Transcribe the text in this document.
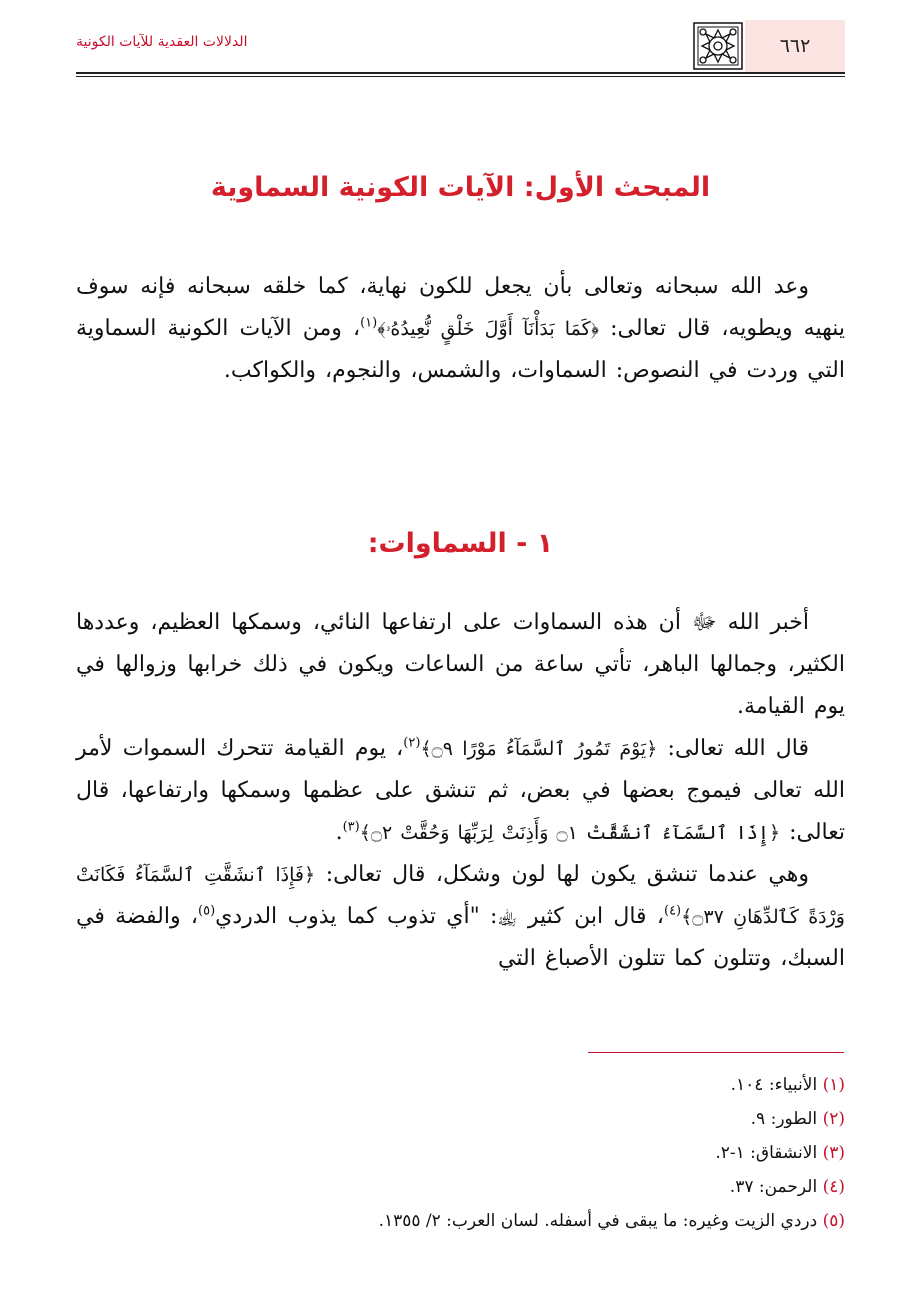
٦٦٢
الدلالات العقدية للآيات الكونية
المبحث الأول: الآيات الكونية السماوية
وعد الله سبحانه وتعالى بأن يجعل للكون نهاية، كما خلقه سبحانه فإنه سوف ينهيه ويطويه، قال تعالى: ﴿كَمَا بَدَأْنَآ أَوَّلَ خَلْقٍ نُّعِيدُهُۥ﴾$^{(١)}$، ومن الآيات الكونية السماوية التي وردت في النصوص: السماوات، والشمس، والنجوم، والكواكب.
١ - السماوات:
أخبر الله ﷻ أن هذه السماوات على ارتفاعها النائي، وسمكها العظيم، وعددها الكثير، وجمالها الباهر، تأتي ساعة من الساعات ويكون في ذلك خرابها وزوالها في يوم القيامة.
قال الله تعالى: ﴿يَوْمَ تَمُورُ ٱلسَّمَآءُ مَوْرًا ۝٩﴾$^{(٢)}$، يوم القيامة تتحرك السموات لأمر الله تعالى فيموج بعضها في بعض، ثم تنشق على عظمها وسمكها وارتفاعها، قال تعالى: ﴿إِذَا ٱلسَّمَآءُ ٱنشَقَّتْ ۝١ وَأَذِنَتْ لِرَبِّهَا وَحُقَّتْ ۝٢﴾$^{(٣)}$.
وهي عندما تنشق يكون لها لون وشكل، قال تعالى: ﴿فَإِذَا ٱنشَقَّتِ ٱلسَّمَآءُ فَكَانَتْ وَرْدَةً كَٱلدِّهَانِ ۝٣٧﴾$^{(٤)}$، قال ابن كثير ﵀: "أي تذوب كما يذوب الدردي$^{(٥)}$، والفضة في السبك، وتتلون كما تتلون الأصباغ التي
(١) الأنبياء: ١٠٤.
(٢) الطور: ٩.
(٣) الانشقاق: ١-٢.
(٤) الرحمن: ٣٧.
(٥) دردي الزيت وغيره: ما يبقى في أسفله. لسان العرب: ٢/ ١٣٥٥.
